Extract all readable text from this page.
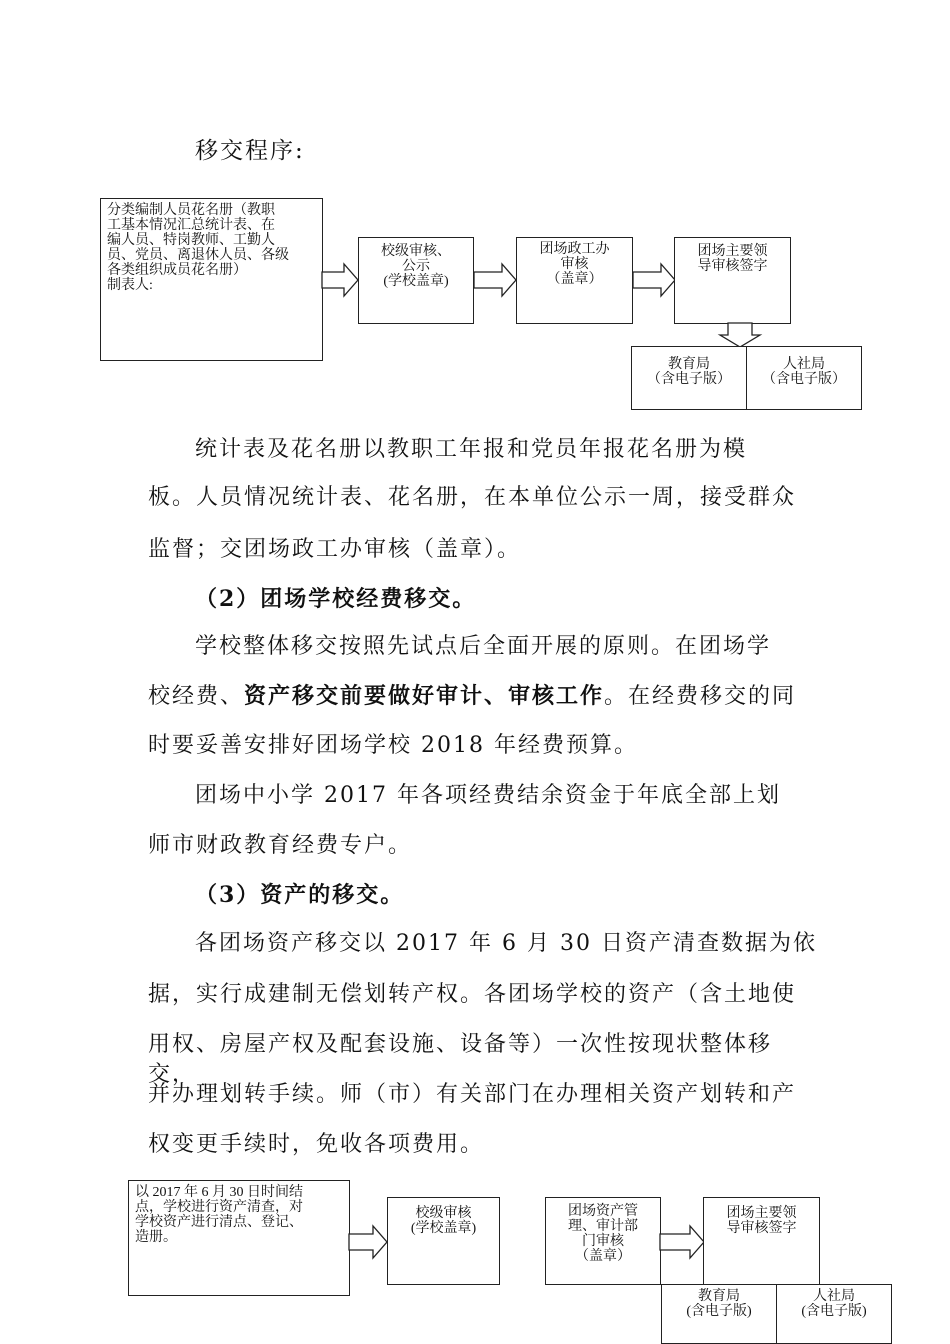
移交程序:
分类编制人员花名册（教职
工基本情况汇总统计表、在
编人员、特岗教师、工勤人
员、党员、离退休人员、各级
各类组织成员花名册）
制表人:
校级审核、
公示
(学校盖章)
团场政工办
审核
（盖章）
团场主要领
导审核签字
教育局
（含电子版）
人社局
（含电子版）
统计表及花名册以教职工年报和党员年报花名册为模
板。人员情况统计表、花名册，在本单位公示一周，接受群众
监督；交团场政工办审核（盖章）。
（2）团场学校经费移交。
学校整体移交按照先试点后全面开展的原则。在团场学
校经费、资产移交前要做好审计、审核工作。在经费移交的同
时要妥善安排好团场学校 2018 年经费预算。
团场中小学 2017 年各项经费结余资金于年底全部上划
师市财政教育经费专户。
（3）资产的移交。
各团场资产移交以 2017 年 6 月 30 日资产清查数据为依
据，实行成建制无偿划转产权。各团场学校的资产（含土地使
用权、房屋产权及配套设施、设备等）一次性按现状整体移交，
并办理划转手续。师（市）有关部门在办理相关资产划转和产
权变更手续时，免收各项费用。
以 2017 年 6 月 30 日时间结
点，学校进行资产清查，对
学校资产进行清点、登记、
造册。
校级审核
(学校盖章)
团场资产管
理、审计部
门审核
（盖章）
团场主要领
导审核签字
教育局
(含电子版)
人社局
(含电子版)
